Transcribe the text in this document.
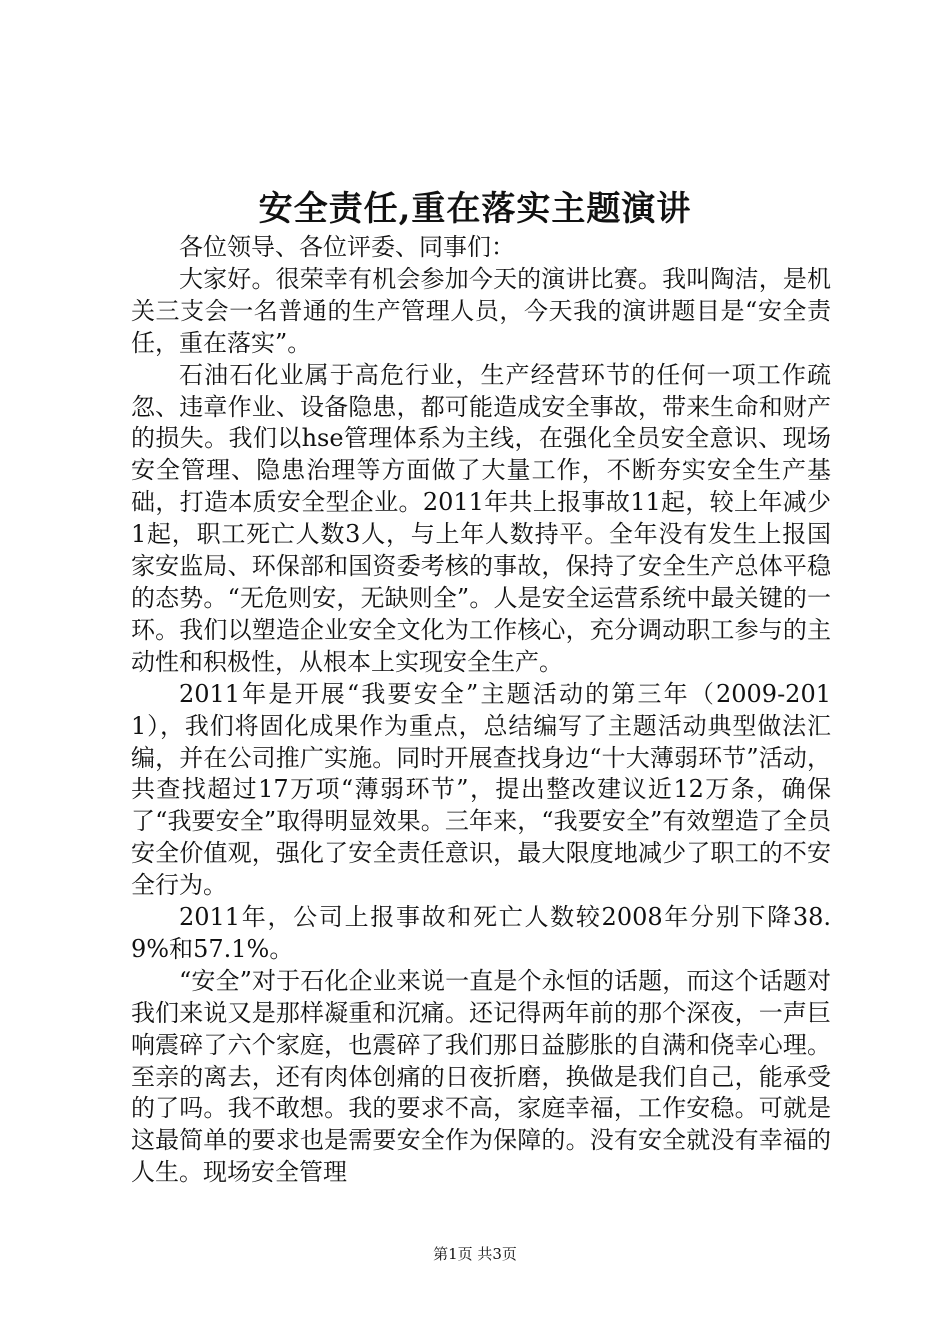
安全责任,重在落实主题演讲

各位领导、各位评委、同事们：

大家好。很荣幸有机会参加今天的演讲比赛。我叫陶洁，是机关三支会一名普通的生产管理人员，今天我的演讲题目是“安全责任，重在落实”。

石油石化业属于高危行业，生产经营环节的任何一项工作疏忽、违章作业、设备隐患，都可能造成安全事故，带来生命和财产的损失。我们以hse管理体系为主线，在强化全员安全意识、现场安全管理、隐患治理等方面做了大量工作，不断夯实安全生产基础，打造本质安全型企业。2011年共上报事故11起，较上年减少1起，职工死亡人数3人，与上年人数持平。全年没有发生上报国家安监局、环保部和国资委考核的事故，保持了安全生产总体平稳的态势。“无危则安，无缺则全”。人是安全运营系统中最关键的一环。我们以塑造企业安全文化为工作核心，充分调动职工参与的主动性和积极性，从根本上实现安全生产。

2011年是开展“我要安全”主题活动的第三年（2009-2011），我们将固化成果作为重点，总结编写了主题活动典型做法汇编，并在公司推广实施。同时开展查找身边“十大薄弱环节”活动，共查找超过17万项“薄弱环节”，提出整改建议近12万条，确保了“我要安全”取得明显效果。三年来，“我要安全”有效塑造了全员安全价值观，强化了安全责任意识，最大限度地减少了职工的不安全行为。

2011年，公司上报事故和死亡人数较2008年分别下降38.9%和57.1%。

“安全”对于石化企业来说一直是个永恒的话题，而这个话题对我们来说又是那样凝重和沉痛。还记得两年前的那个深夜，一声巨响震碎了六个家庭，也震碎了我们那日益膨胀的自满和侥幸心理。至亲的离去，还有肉体创痛的日夜折磨，换做是我们自己，能承受的了吗。我不敢想。我的要求不高，家庭幸福，工作安稳。可就是这最简单的要求也是需要安全作为保障的。没有安全就没有幸福的人生。现场安全管理

第1页 共3页
